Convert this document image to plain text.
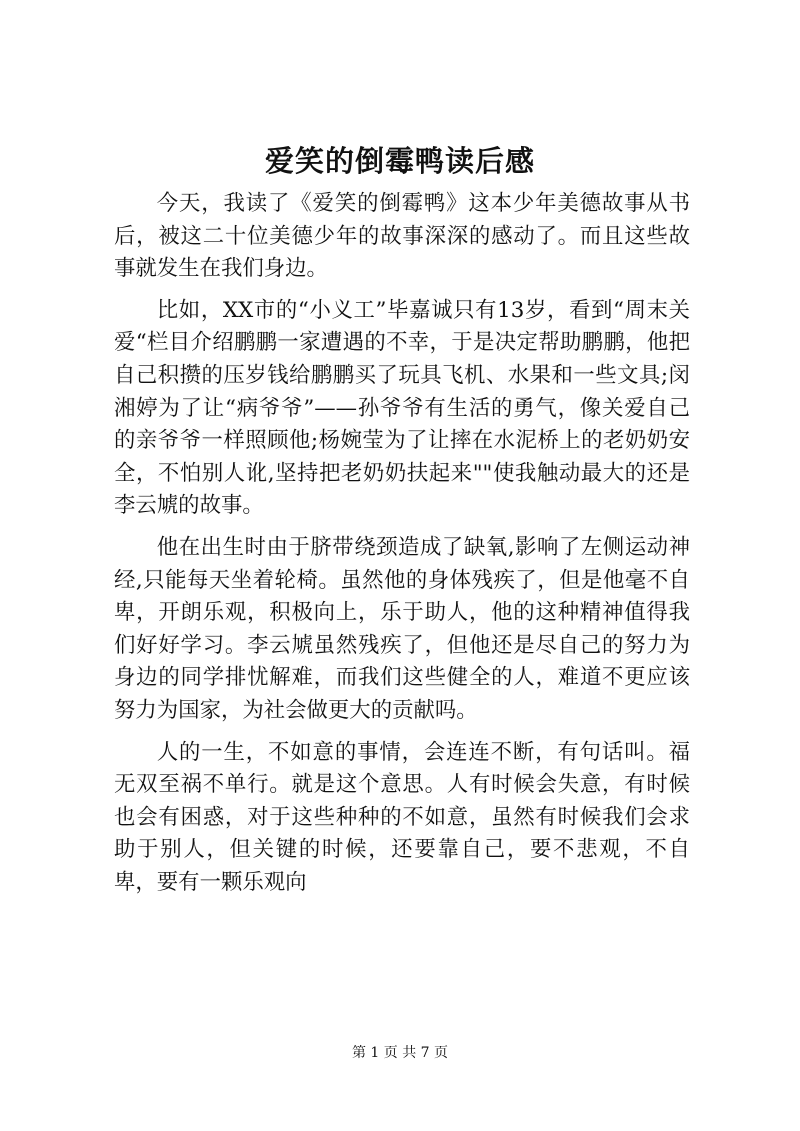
爱笑的倒霉鸭读后感

今天，我读了《爱笑的倒霉鸭》这本少年美德故事从书后，被这二十位美德少年的故事深深的感动了。而且这些故事就发生在我们身边。

比如，XX市的“小义工”毕嘉诚只有13岁，看到“周末关爱“栏目介绍鹏鹏一家遭遇的不幸，于是决定帮助鹏鹏，他把自己积攒的压岁钱给鹏鹏买了玩具飞机、水果和一些文具;闵湘婷为了让“病爷爷”——孙爷爷有生活的勇气，像关爱自己的亲爷爷一样照顾他;杨婉莹为了让摔在水泥桥上的老奶奶安全，不怕别人讹,坚持把老奶奶扶起来""使我触动最大的还是李云虓的故事。

他在出生时由于脐带绕颈造成了缺氧,影响了左侧运动神经,只能每天坐着轮椅。虽然他的身体残疾了，但是他毫不自卑，开朗乐观，积极向上，乐于助人，他的这种精神值得我们好好学习。李云虓虽然残疾了，但他还是尽自己的努力为身边的同学排忧解难，而我们这些健全的人，难道不更应该努力为国家，为社会做更大的贡献吗。

人的一生，不如意的事情，会连连不断，有句话叫。福无双至祸不单行。就是这个意思。人有时候会失意，有时候也会有困惑，对于这些种种的不如意，虽然有时候我们会求助于别人，但关键的时候，还要靠自己，要不悲观，不自卑，要有一颗乐观向

第 1 页 共 7 页
